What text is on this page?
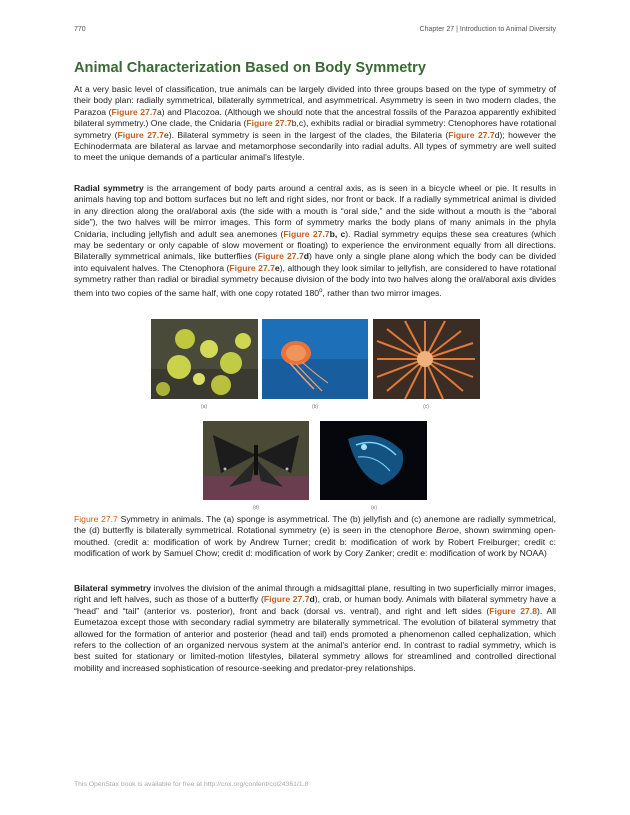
770	Chapter 27 | Introduction to Animal Diversity
Animal Characterization Based on Body Symmetry

At a very basic level of classification, true animals can be largely divided into three groups based on the type of symmetry of their body plan: radially symmetrical, bilaterally symmetrical, and asymmetrical. Asymmetry is seen in two modern clades, the Parazoa (Figure 27.7a) and Placozoa. (Although we should note that the ancestral fossils of the Parazoa apparently exhibited bilateral symmetry.) One clade, the Cnidaria (Figure 27.7b,c), exhibits radial or biradial symmetry: Ctenophores have rotational symmetry (Figure 27.7e). Bilateral symmetry is seen in the largest of the clades, the Bilateria (Figure 27.7d); however the Echinodermata are bilateral as larvae and metamorphose secondarily into radial adults. All types of symmetry are well suited to meet the unique demands of a particular animal's lifestyle.

Radial symmetry is the arrangement of body parts around a central axis, as is seen in a bicycle wheel or pie. It results in animals having top and bottom surfaces but no left and right sides, nor front or back. If a radially symmetrical animal is divided in any direction along the oral/aboral axis (the side with a mouth is “oral side,” and the side without a mouth is the “aboral side”), the two halves will be mirror images. This form of symmetry marks the body plans of many animals in the phyla Cnidaria, including jellyfish and adult sea anemones (Figure 27.7b, c). Radial symmetry equips these sea creatures (which may be sedentary or only capable of slow movement or floating) to experience the environment equally from all directions. Bilaterally symmetrical animals, like butterflies (Figure 27.7d) have only a single plane along which the body can be divided into equivalent halves. The Ctenophora (Figure 27.7e), although they look similar to jellyfish, are considered to have rotational symmetry rather than radial or biradial symmetry because division of the body into two halves along the oral/aboral axis divides them into two copies of the same half, with one copy rotated 180$^o$, rather than two mirror images.

(a)	(b)	(c)
(d)	(e)

Figure 27.7 Symmetry in animals. The (a) sponge is asymmetrical. The (b) jellyfish and (c) anemone are radially symmetrical, the (d) butterfly is bilaterally symmetrical. Rotational symmetry (e) is seen in the ctenophore Beroe, shown swimming open-mouthed. (credit a: modification of work by Andrew Turner; credit b: modification of work by Robert Freiburger; credit c: modification of work by Samuel Chow; credit d: modification of work by Cory Zanker; credit e: modification of work by NOAA)

Bilateral symmetry involves the division of the animal through a midsagittal plane, resulting in two superficially mirror images, right and left halves, such as those of a butterfly (Figure 27.7d), crab, or human body. Animals with bilateral symmetry have a “head” and “tail” (anterior vs. posterior), front and back (dorsal vs. ventral), and right and left sides (Figure 27.8). All Eumetazoa except those with secondary radial symmetry are bilaterally symmetrical. The evolution of bilateral symmetry that allowed for the formation of anterior and posterior (head and tail) ends promoted a phenomenon called cephalization, which refers to the collection of an organized nervous system at the animal's anterior end. In contrast to radial symmetry, which is best suited for stationary or limited-motion lifestyles, bilateral symmetry allows for streamlined and controlled directional mobility and increased sophistication of resource-seeking and predator-prey relationships.

This OpenStax book is available for free at http://cnx.org/content/col24361/1.8
